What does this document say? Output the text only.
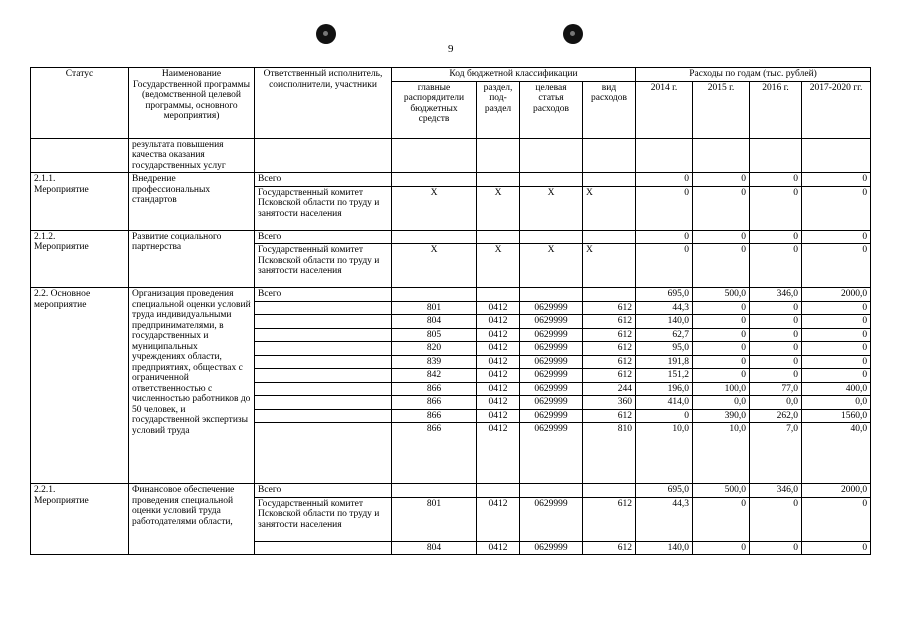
9
Статус	Наименование Государственной программы (ведомственной целевой программы, основного мероприятия)	Ответственный исполнитель, соисполнители, участники	Код бюджетной классификации				Расходы по годам (тыс. рублей)			
			главные распорядители бюджетных средств	раздел, под-раздел	целевая статья расходов	вид расходов	2014 г.	2015 г.	2016 г.	2017-2020 гг.
	результата повышения качества оказания государственных услуг									
2.1.1.
Мероприятие	Внедрение профессиональных стандартов	Всего					0	0	0	0
		Государственный комитет Псковской области по труду и занятости населения	X	X	X	X	0	0	0	0
2.1.2.
Мероприятие	Развитие социального партнерства	Всего					0	0	0	0
		Государственный комитет Псковской области по труду и занятости населения	X	X	X	X	0	0	0	0
2.2. Основное мероприятие	Организация проведения специальной оценки условий труда индивидуальными предпринимателями, в государственных и муниципальных учреждениях области, предприятиях, обществах с ограниченной ответственностью с численностью работников до 50 человек, и государственной экспертизы условий труда	Всего					695,0	500,0	346,0	2000,0
			801	0412	0629999	612	44,3	0	0	0
			804	0412	0629999	612	140,0	0	0	0
			805	0412	0629999	612	62,7	0	0	0
			820	0412	0629999	612	95,0	0	0	0
			839	0412	0629999	612	191,8	0	0	0
			842	0412	0629999	612	151,2	0	0	0
			866	0412	0629999	244	196,0	100,0	77,0	400,0
			866	0412	0629999	360	414,0	0,0	0,0	0,0
			866	0412	0629999	612	0	390,0	262,0	1560,0
			866	0412	0629999	810	10,0	10,0	7,0	40,0
2.2.1.
Мероприятие	Финансовое обеспечение проведения специальной оценки условий труда работодателями области,	Всего					695,0	500,0	346,0	2000,0
		Государственный комитет Псковской области по труду и занятости населения	801	0412	0629999	612	44,3	0	0	0
			804	0412	0629999	612	140,0	0	0	0
